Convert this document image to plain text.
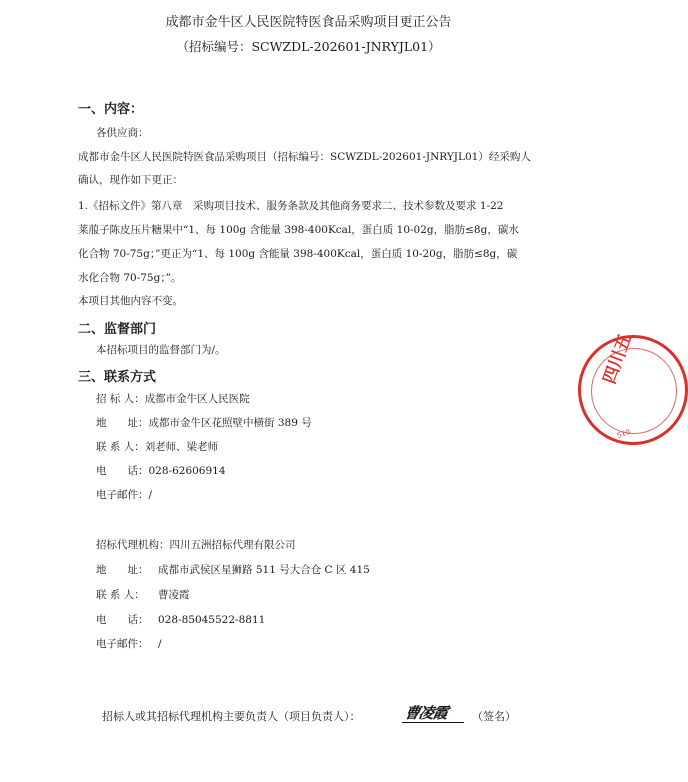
成都市金牛区人民医院特医食品采购项目更正公告
（招标编号：SCWZDL-202601-JNRYJL01）
一、内容：
各供应商：
成都市金牛区人民医院特医食品采购项目（招标编号：SCWZDL-202601-JNRYJL01）经采购人
确认，现作如下更正：
1.《招标文件》第八章　采购项目技术、服务条款及其他商务要求二、技术参数及要求 1-22
莱菔子陈皮压片糖果中“1、每 100g 含能量 398-400Kcal，蛋白质 10-02g，脂肪≤8g，碳水
化合物 70-75g；”更正为“1、每 100g 含能量 398-400Kcal，蛋白质 10-20g，脂肪≤8g，碳
水化合物 70-75g；”。
本项目其他内容不变。
二、监督部门
本招标项目的监督部门为/。
三、联系方式
招 标 人：成都市金牛区人民医院
地　　址：成都市金牛区花照壁中横街 389 号
联 系 人：刘老师、梁老师
电　　话：028-62606914
电子邮件：/
招标代理机构：四川五洲招标代理有限公司
地　　址： 成都市武侯区星狮路 511 号大合仓 C 区 415
联 系 人： 曹凌霞
电　　话： 028-85045522-8811
电子邮件： /
招标人或其招标代理机构主要负责人（项目负责人）：	曹凌霞 （签名）
四川五
510
